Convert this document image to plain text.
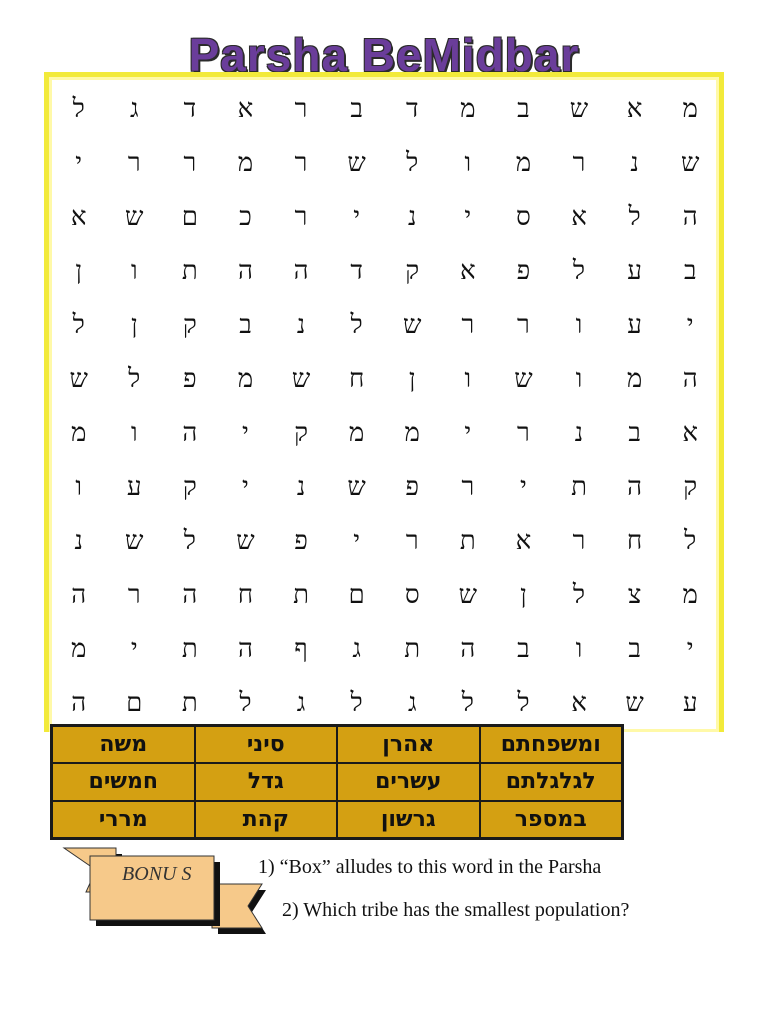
Parsha BeMidbar
מ
א
ש
ב
מ
ד
ב
ר
א
ד
ג
ל
ש
נ
ר
מ
ו
ל
ש
ר
מ
ר
ר
י
ה
ל
א
ס
י
נ
י
ר
כ
ם
ש
א
ב
ע
ל
פ
א
ק
ד
ה
ה
ת
ו
ן
י
ע
ו
ר
ר
ש
ל
נ
ב
ק
ן
ל
ה
מ
ו
ש
ו
ן
ח
ש
מ
פ
ל
ש
א
ב
נ
ר
י
מ
מ
ק
י
ה
ו
מ
ק
ה
ת
י
ר
פ
ש
נ
י
ק
ע
ו
ל
ח
ר
א
ת
ר
י
פ
ש
ל
ש
נ
מ
צ
ל
ן
ש
ס
ם
ת
ח
ה
ר
ה
י
ב
ו
ב
ה
ת
ג
ף
ה
ת
י
מ
ע
ש
א
ל
ל
ג
ל
ג
ל
ת
ם
ה
ומשפחתם
אהרן
סיני
משה
לגלגלתם
עשרים
גדל
חמשים
במספר
גרשון
קהת
מררי
BONU S	1) “Box” alludes to this word in the Parsha
2) Which tribe has the smallest population?
